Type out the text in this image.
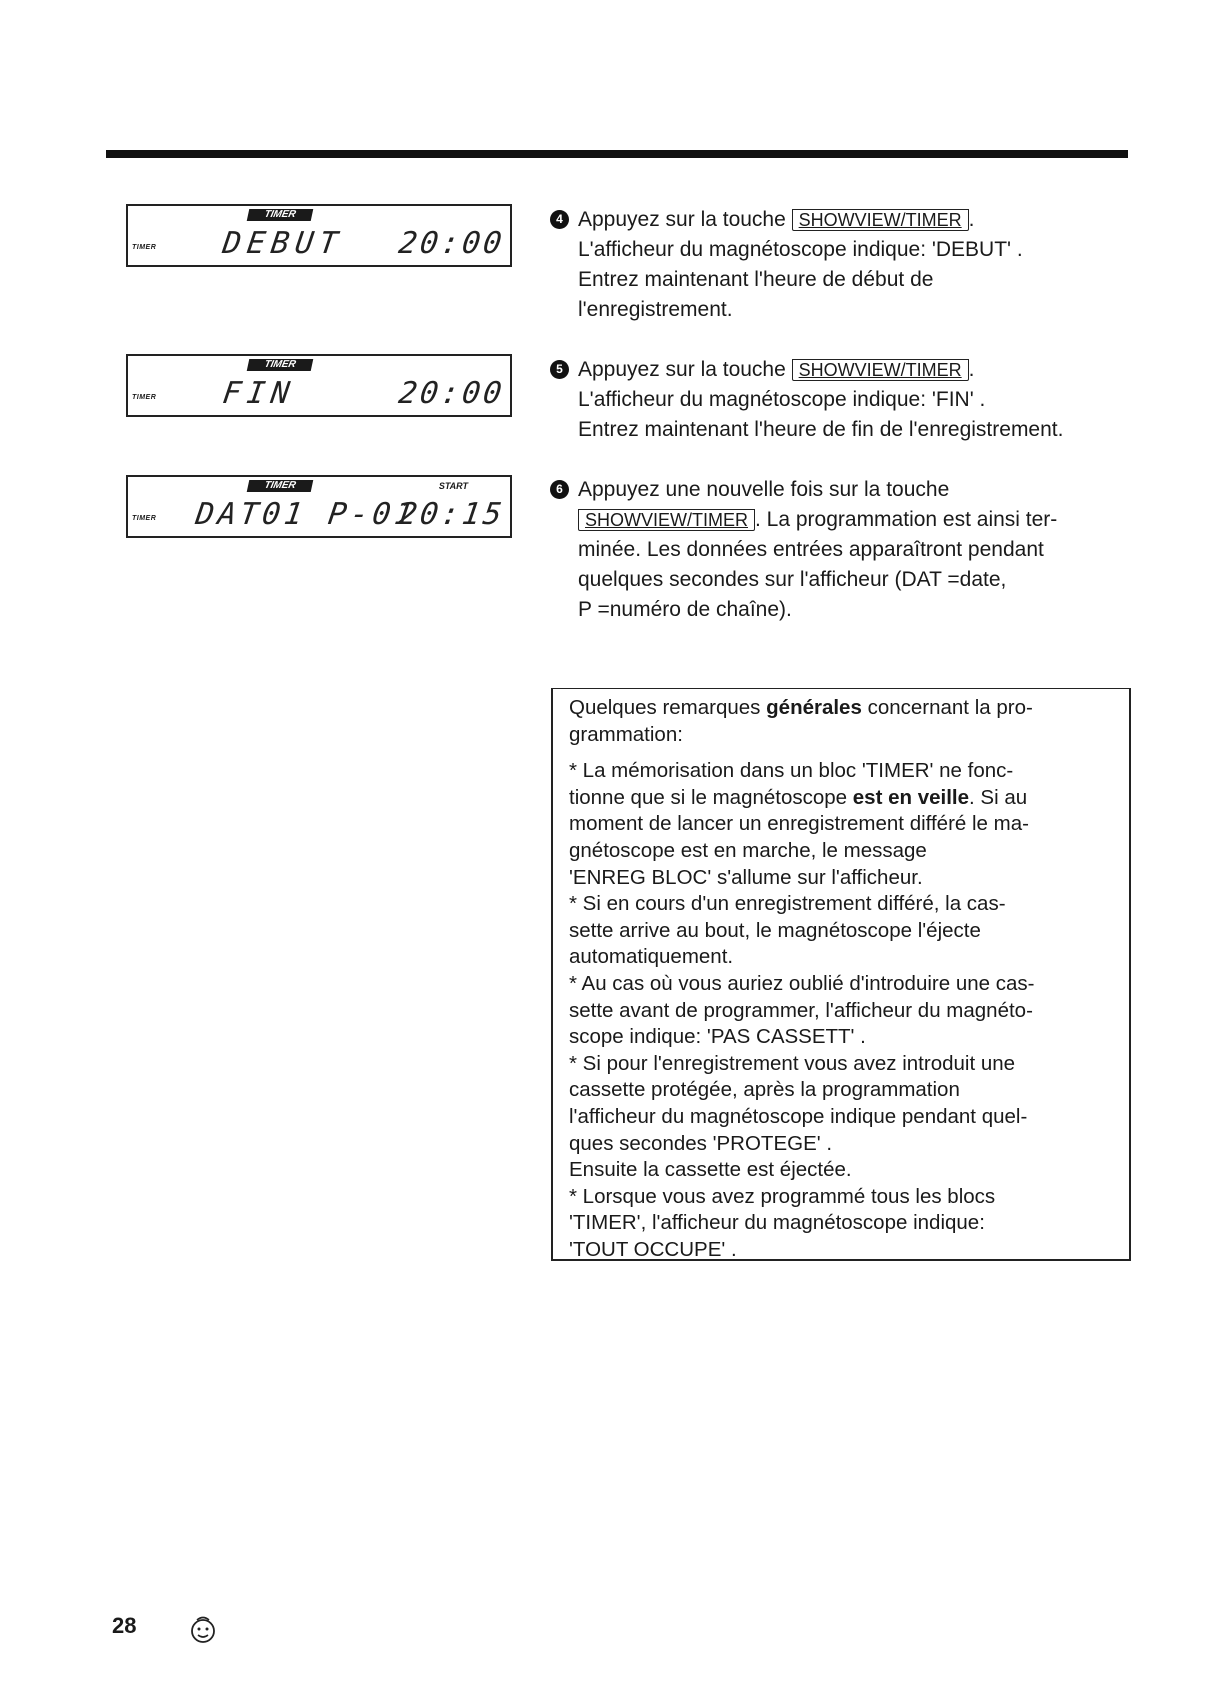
TIMER
TIMER DEBUT 20:00
TIMER
TIMER FIN	20:00
TIMER	START
TIMER DAT01 P-01
20:15
4 Appuyez sur la touche SHOWVIEW/TIMER .
L'afficheur du magnétoscope indique: 'DEBUT' .
Entrez maintenant l'heure de début de
l'enregistrement.
5 Appuyez sur la touche SHOWVIEW/TIMER .
L'afficheur du magnétoscope indique: 'FIN' .
Entrez maintenant l'heure de fin de l'enregistrement.
6 Appuyez une nouvelle fois sur la touche
SHOWVIEW/TIMER . La programmation est ainsi ter-
minée. Les données entrées apparaîtront pendant
quelques secondes sur l'afficheur (DAT =date,
P =numéro de chaîne).

Quelques remarques générales concernant la pro-

grammation:

* La mémorisation dans un bloc 'TIMER' ne fonc-

tionne que si le magnétoscope est en veille. Si au

moment de lancer un enregistrement différé le ma-

gnétoscope est en marche, le message

'ENREG BLOC' s'allume sur l'afficheur.

* Si en cours d'un enregistrement différé, la cas-

sette arrive au bout, le magnétoscope l'éjecte

automatiquement.

* Au cas où vous auriez oublié d'introduire une cas-

sette avant de programmer, l'afficheur du magnéto-

scope indique: 'PAS CASSETT' .

* Si pour l'enregistrement vous avez introduit une

cassette protégée, après la programmation

l'afficheur du magnétoscope indique pendant quel-

ques secondes 'PROTEGE' .

Ensuite la cassette est éjectée.

* Lorsque vous avez programmé tous les blocs

'TIMER', l'afficheur du magnétoscope indique:

'TOUT OCCUPE' .

28
